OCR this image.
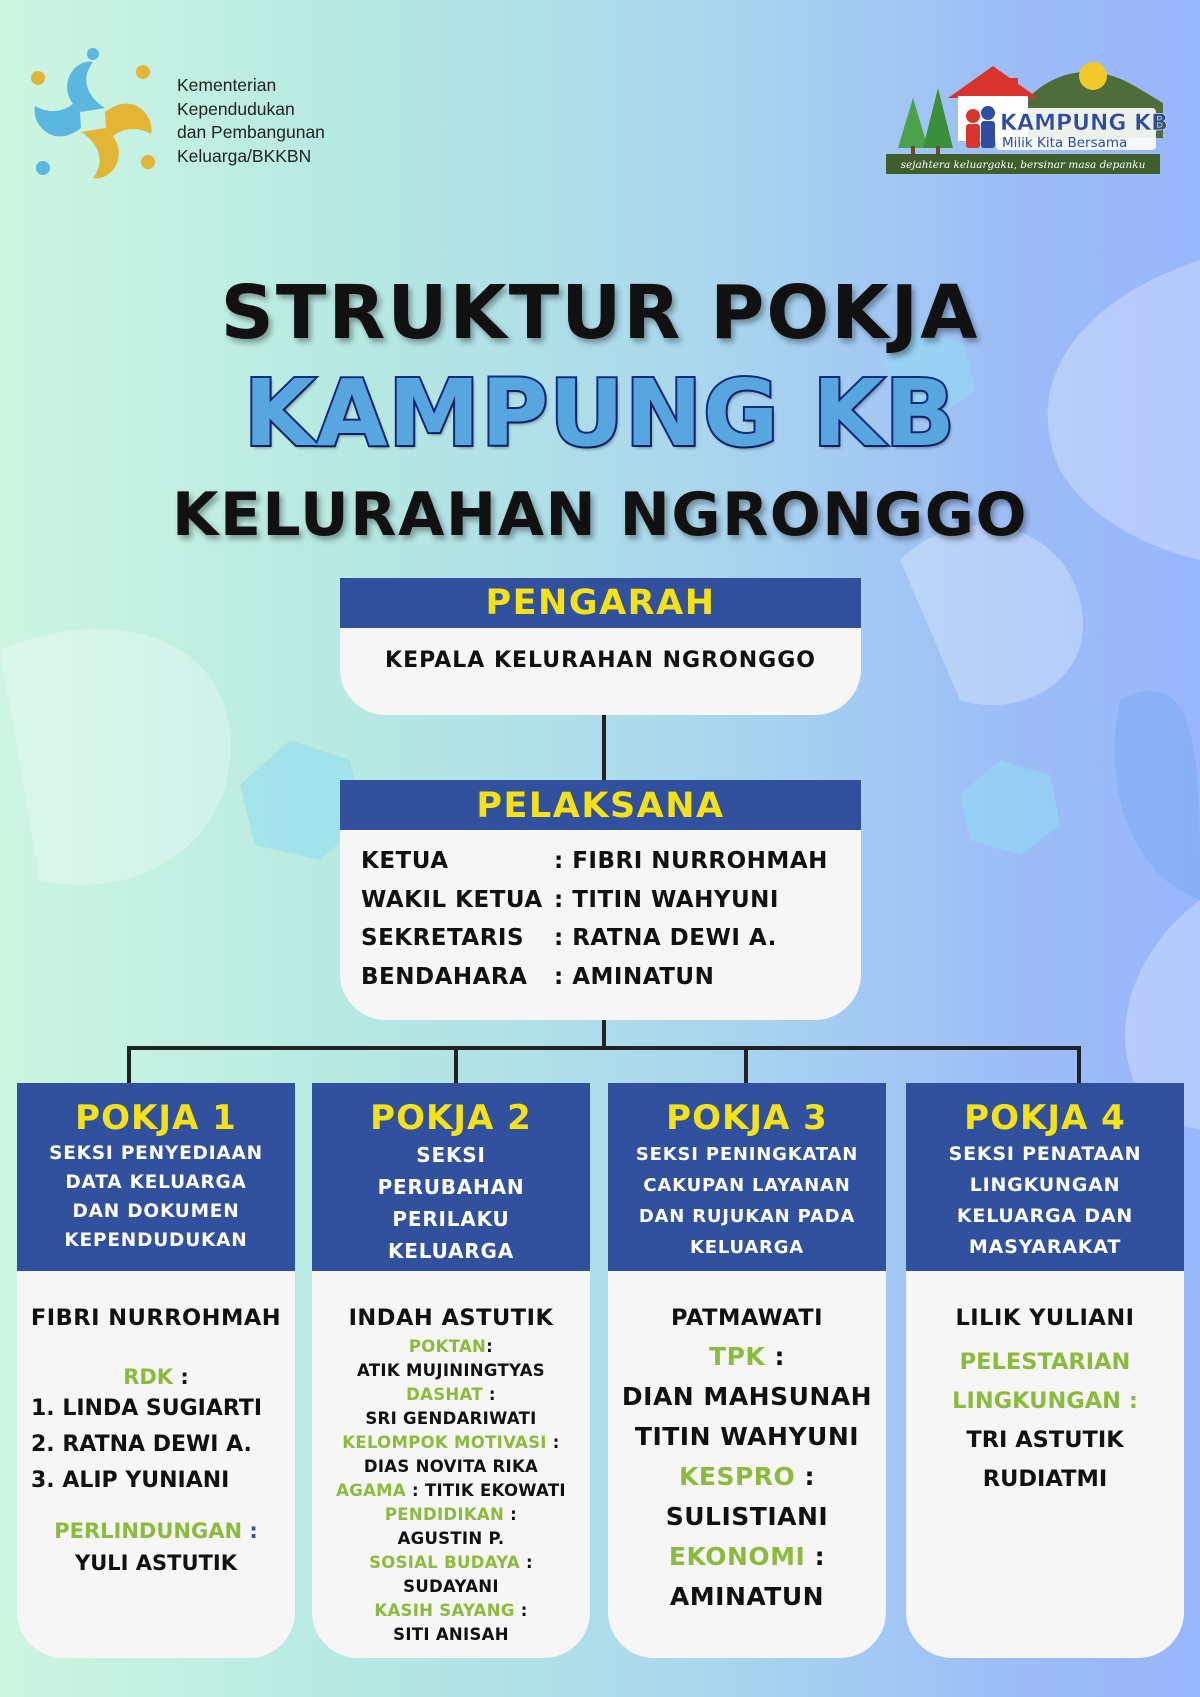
Kementerian
Kependudukan
dan Pembangunan
Keluarga/BKKBN

KAMPUNG KB
Milik Kita Bersama
sejahtera keluargaku, bersinar masa depanku
STRUKTUR POKJA
KAMPUNG KB
KELURAHAN NGRONGGO
PENGARAH
KEPALA KELURAHAN NGRONGGO
PELAKSANA
KETUA	: FIBRI NURROHMAH
WAKIL KETUA : TITIN WAHYUNI
SEKRETARIS : RATNA DEWI A.
BENDAHARA : AMINATUN
POKJA 1
SEKSI PENYEDIAAN
DATA KELUARGA
DAN DOKUMEN
KEPENDUDUKAN
FIBRI NURROHMAH
RDK :
1. LINDA SUGIARTI
2. RATNA DEWI A.
3. ALIP YUNIANI
PERLINDUNGAN :
YULI ASTUTIK
POKJA 2
SEKSI
PERUBAHAN
PERILAKU
KELUARGA
INDAH ASTUTIK
POKTAN:
ATIK MUJININGTYAS
DASHAT :
SRI GENDARIWATI
KELOMPOK MOTIVASI :
DIAS NOVITA RIKA
AGAMA : TITIK EKOWATI
PENDIDIKAN :
AGUSTIN P.
SOSIAL BUDAYA :
SUDAYANI
KASIH SAYANG :
SITI ANISAH
POKJA 3
SEKSI PENINGKATAN
CAKUPAN LAYANAN
DAN RUJUKAN PADA
KELUARGA
PATMAWATI
TPK :
DIAN MAHSUNAH
TITIN WAHYUNI
KESPRO :
SULISTIANI
EKONOMI :
AMINATUN
POKJA 4
SEKSI PENATAAN
LINGKUNGAN
KELUARGA DAN
MASYARAKAT
LILIK YULIANI
PELESTARIAN
LINGKUNGAN :
TRI ASTUTIK
RUDIATMI
